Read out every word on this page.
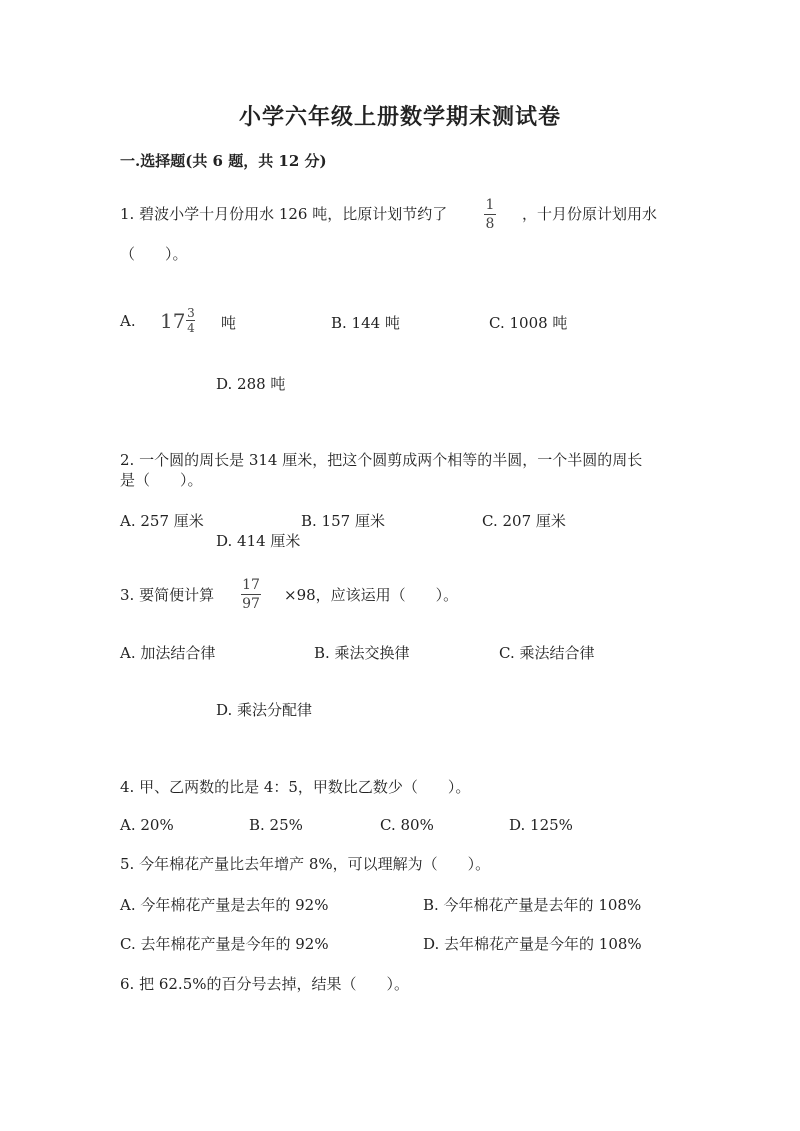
小学六年级上册数学期末测试卷
一.选择题(共 6 题，共 12 分)
1. 碧波小学十月份用水 126 吨，比原计划节约了	1
8
，十月份原计划用水
（　　）。
A. 17 3
4 吨	B. 144 吨	C. 1008 吨
D. 288 吨
2. 一个圆的周长是 314 厘米，把这个圆剪成两个相等的半圆，一个半圆的周长
是（　　）。
A. 257 厘米	B. 157 厘米	C. 207 厘米
D. 414 厘米
3. 要简便计算
17
97 ×98，应该运用（　　）。
A. 加法结合律	B. 乘法交换律	C. 乘法结合律
D. 乘法分配律
4. 甲、乙两数的比是 4：5，甲数比乙数少（　　）。
A. 20%	B. 25%	C. 80%	D. 125%
5. 今年棉花产量比去年增产 8%，可以理解为（　　）。
A. 今年棉花产量是去年的 92%	B. 今年棉花产量是去年的 108%
C. 去年棉花产量是今年的 92%	D. 去年棉花产量是今年的 108%
6. 把 62.5%的百分号去掉，结果（　　）。
